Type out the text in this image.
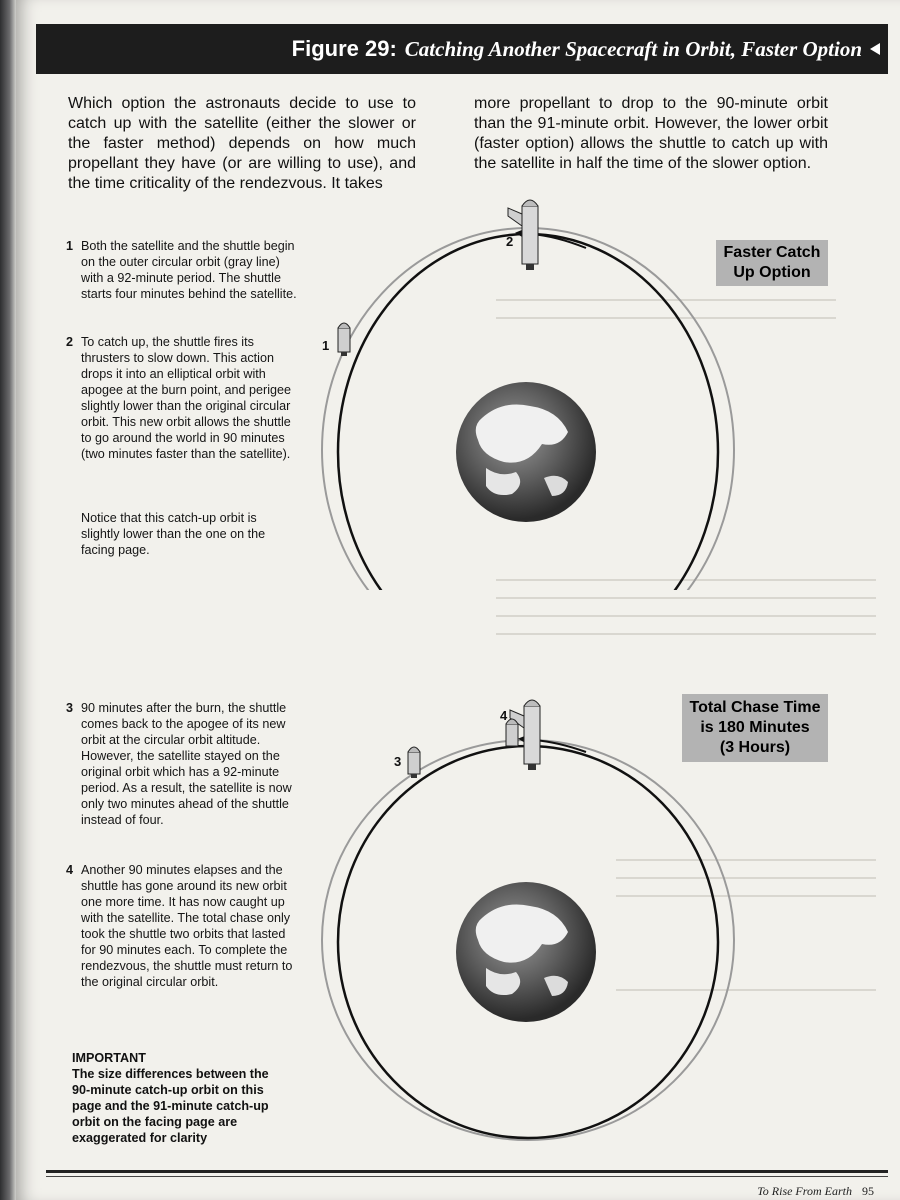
Figure 29: Catching Another Spacecraft in Orbit, Faster Option

Which option the astronauts decide to use to catch up with the satellite (either the slower or the faster method) depends on how much propellant they have (or are willing to use), and the time criticality of the rendezvous. It takes

more propellant to drop to the 90-minute orbit than the 91-minute orbit. However, the lower orbit (faster option) allows the shuttle to catch up with the satellite in half the time of the slower option.

1 Both the satellite and the shuttle begin on the outer circular orbit (gray line) with a 92-minute period. The shuttle starts four minutes behind the satellite.

2 To catch up, the shuttle fires its thrusters to slow down. This action drops it into an elliptical orbit with apogee at the burn point, and perigee slightly lower than the original circular orbit. This new orbit allows the shuttle to go around the world in 90 minutes (two minutes faster than the satellite).

Notice that this catch-up orbit is slightly lower than the one on the facing page.

3 90 minutes after the burn, the shuttle comes back to the apogee of its new orbit at the circular orbit altitude. However, the satellite stayed on the original orbit which has a 92-minute period. As a result, the satellite is now only two minutes ahead of the shuttle instead of four.

4 Another 90 minutes elapses and the shuttle has gone around its new orbit one more time. It has now caught up with the satellite. The total chase only took the shuttle two orbits that lasted for 90 minutes each. To complete the rendezvous, the shuttle must return to the original circular orbit.

IMPORTANT
The size differences between the 90-minute catch-up orbit on this page and the 91-minute catch-up orbit on the facing page are exaggerated for clarity

Faster Catch
Up Option
Total Chase Time
is 180 Minutes
(3 Hours)
2
1
4
3
To Rise From Earth 95
